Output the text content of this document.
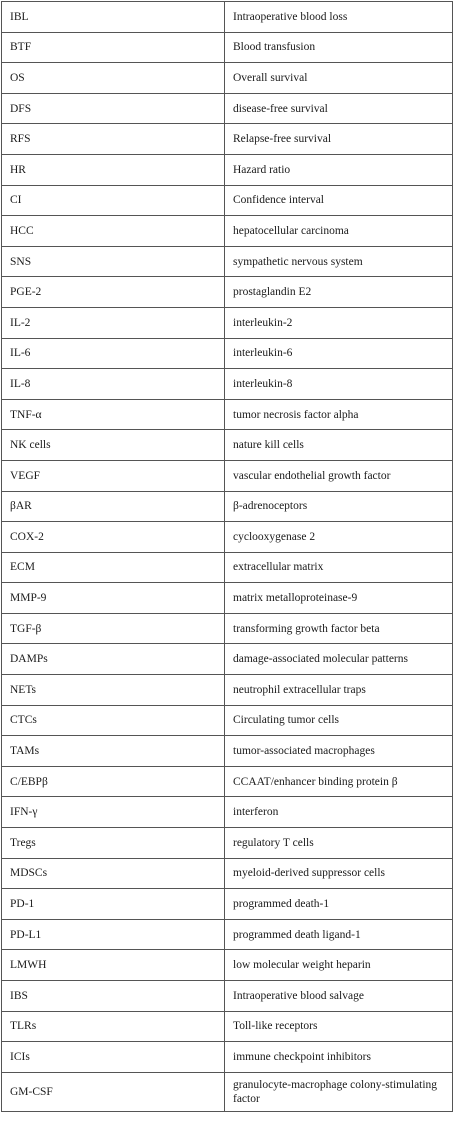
IBL	Intraoperative blood loss
BTF	Blood transfusion
OS	Overall survival
DFS	disease-free survival
RFS	Relapse-free survival
HR	Hazard ratio
CI	Confidence interval
HCC	hepatocellular carcinoma
SNS	sympathetic nervous system
PGE-2	prostaglandin E2
IL-2	interleukin-2
IL-6	interleukin-6
IL-8	interleukin-8
TNF-α	tumor necrosis factor alpha
NK cells	nature kill cells
VEGF	vascular endothelial growth factor
βAR	β-adrenoceptors
COX-2	cyclooxygenase 2
ECM	extracellular matrix
MMP-9	matrix metalloproteinase-9
TGF-β	transforming growth factor beta
DAMPs	damage-associated molecular patterns
NETs	neutrophil extracellular traps
CTCs	Circulating tumor cells
TAMs	tumor-associated macrophages
C/EBPβ	CCAAT/enhancer binding protein β
IFN-γ	interferon
Tregs	regulatory T cells
MDSCs	myeloid-derived suppressor cells
PD-1	programmed death-1
PD-L1	programmed death ligand-1
LMWH	low molecular weight heparin
IBS	Intraoperative blood salvage
TLRs	Toll-like receptors
ICIs	immune checkpoint inhibitors
GM-CSF	granulocyte-macrophage colony-stimulating factor
